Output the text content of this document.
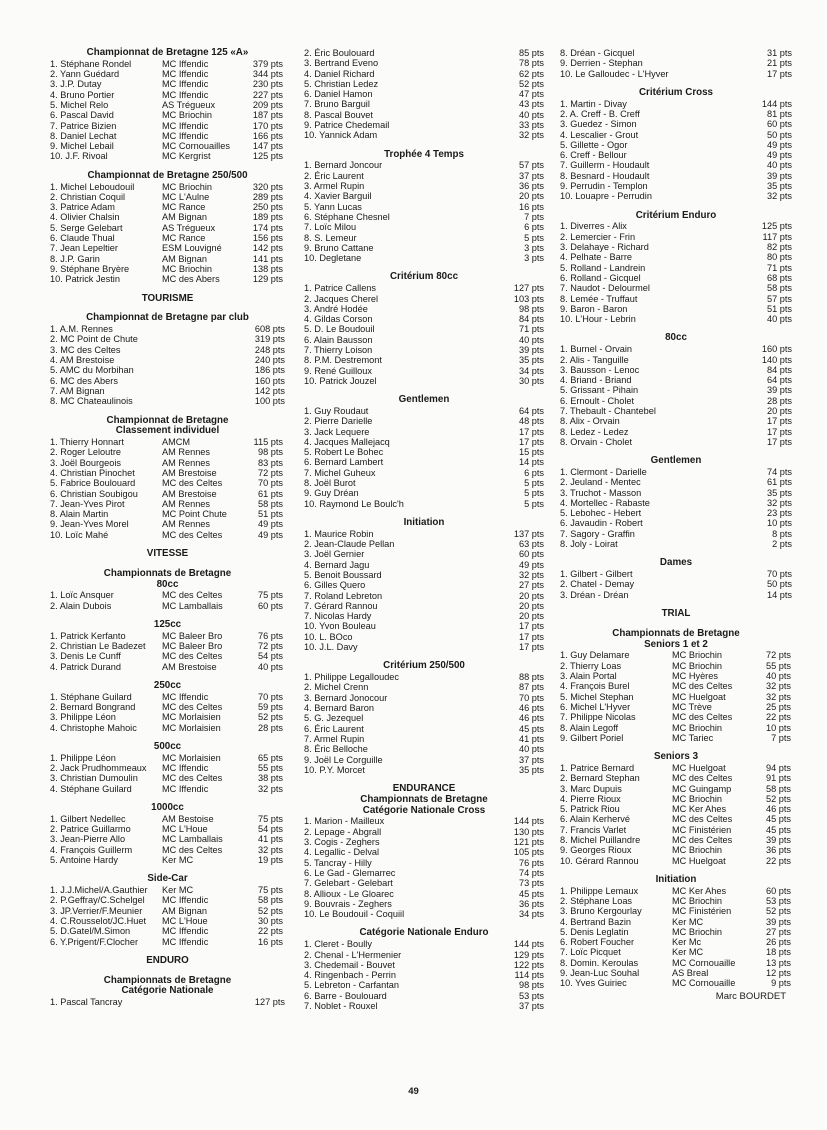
Championnat de Bretagne 125 «A»
1. Stéphane Rondel	MC Iffendic	379 pts
2. Yann Guédard	MC Iffendic	344 pts
3. J.P. Dutay	MC Iffendic	230 pts
4. Bruno Portier	MC Iffendic	227 pts
5. Michel Relo	AS Trégueux	209 pts
6. Pascal David	MC Briochin	187 pts
7. Patrice Bizien	MC Iffendic	170 pts
8. Daniel Lechat	MC Iffendic	166 pts
9. Michel Lebail	MC Cornouailles	147 pts
10. J.F. Rivoal	MC Kergrist	125 pts
Championnat de Bretagne 250/500
1. Michel Leboudouil	MC Briochin	320 pts
2. Christian Coquil	MC L'Aulne	289 pts
3. Patrice Adam	MC Rance	250 pts
4. Olivier Chalsin	AM Bignan	189 pts
5. Serge Gelebart	AS Trégueux	174 pts
6. Claude Thual	MC Rance	156 pts
7. Jean Lepeltier	ESM Louvigné	142 pts
8. J.P. Garin	AM Bignan	141 pts
9. Stéphane Bryère	MC Briochin	138 pts
10. Patrick Jestin	MC des Abers	129 pts
TOURISME
Championnat de Bretagne par club
1. A.M. Rennes	608 pts
2. MC Point de Chute	319 pts
3. MC des Celtes	248 pts
4. AM Brestoise	240 pts
5. AMC du Morbihan	186 pts
6. MC des Abers	160 pts
7. AM Bignan	142 pts
8. MC Chateaulinois	100 pts
Championnat de Bretagne
Classement individuel
1. Thierry Honnart	AMCM	115 pts
2. Roger Leloutre	AM Rennes	98 pts
3. Joël Bourgeois	AM Rennes	83 pts
4. Christian Pinochet	AM Brestoise	72 pts
5. Fabrice Boulouard	MC des Celtes	70 pts
6. Christian Soubigou	AM Brestoise	61 pts
7. Jean-Yves Pirot	AM Rennes	58 pts
8. Alain Martin	MC Point Chute	51 pts
9. Jean-Yves Morel	AM Rennes	49 pts
10. Loïc Mahé	MC des Celtes	49 pts
VITESSE
Championnats de Bretagne
80cc
1. Loïc Ansquer	MC des Celtes	75 pts
2. Alain Dubois	MC Lamballais	60 pts
125cc
1. Patrick Kerfanto	MC Baleer Bro	76 pts
2. Christian Le Badezet	MC Baleer Bro	72 pts
3. Denis Le Cunff	MC des Celtes	54 pts
4. Patrick Durand	AM Brestoise	40 pts
250cc
1. Stéphane Guilard	MC Iffendic	70 pts
2. Bernard Bongrand	MC des Celtes	59 pts
3. Philippe Léon	MC Morlaisien	52 pts
4. Christophe Mahoic	MC Morlaisien	28 pts
500cc
1. Philippe Léon	MC Morlaisien	65 pts
2. Jack Prudhommeaux	MC Iffendic	55 pts
3. Christian Dumoulin	MC des Celtes	38 pts
4. Stéphane Guilard	MC Iffendic	32 pts
1000cc
1. Gilbert Nedellec	AM Bestoise	75 pts
2. Patrice Guillarmo	MC L'Houe	54 pts
3. Jean-Pierre Allo	MC Lamballais	41 pts
4. François Guillerm	MC des Celtes	32 pts
5. Antoine Hardy	Ker MC	19 pts
Side-Car
1. J.J.Michel/A.Gauthier	Ker MC	75 pts
2. P.Geffray/C.Schelgel	MC Iffendic	58 pts
3. JP.Verrier/F.Meunier	AM Bignan	52 pts
4. C.Rousselot/JC.Huet	MC L'Houe	30 pts
5. D.Gatel/M.Simon	MC Iffendic	22 pts
6. Y.Prigent/F.Clocher	MC Iffendic	16 pts
ENDURO
Championnats de Bretagne
Catégorie Nationale
1. Pascal Tancray	127 pts
2. Éric Boulouard	85 pts
3. Bertrand Eveno	78 pts
4. Daniel Richard	62 pts
5. Christian Ledez	52 pts
6. Daniel Hamon	47 pts
7. Bruno Barguil	43 pts
8. Pascal Bouvet	40 pts
9. Patrice Chedemail	33 pts
10. Yannick Adam	32 pts
Trophée 4 Temps
1. Bernard Joncour	57 pts
2. Éric Laurent	37 pts
3. Armel Rupin	36 pts
4. Xavier Barguil	20 pts
5. Yann Lucas	16 pts
6. Stéphane Chesnel	7 pts
7. Loïc Milou	6 pts
8. S. Lemeur	5 pts
9. Bruno Cattane	3 pts
10. Degletane	3 pts
Critérium 80cc
1. Patrice Callens	127 pts
2. Jacques Cherel	103 pts
3. André Hodée	98 pts
4. Gildas Corson	84 pts
5. D. Le Boudouil	71 pts
6. Alain Bausson	40 pts
7. Thierry Loison	39 pts
8. P.M. Destremont	35 pts
9. René Guilloux	34 pts
10. Patrick Jouzel	30 pts
Gentlemen
1. Guy Roudaut	64 pts
2. Pierre Darielle	48 pts
3. Jack Lequere	17 pts
4. Jacques Mallejacq	17 pts
5. Robert Le Bohec	15 pts
6. Bernard Lambert	14 pts
7. Michel Guheux	6 pts
8. Joël Burot	5 pts
9. Guy Dréan	5 pts
10. Raymond Le Boulc'h	5 pts
Initiation
1. Maurice Robin	137 pts
2. Jean-Claude Pellan	63 pts
3. Joël Gernier	60 pts
4. Bernard Jagu	49 pts
5. Benoit Boussard	32 pts
6. Gilles Quero	27 pts
7. Roland Lebreton	20 pts
7. Gérard Rannou	20 pts
7. Nicolas Hardy	20 pts
10. Yvon Bouleau	17 pts
10. L. BOco	17 pts
10. J.L. Davy	17 pts
Critérium 250/500
1. Philippe Legalloudec	88 pts
2. Michel Crenn	87 pts
3. Bernard Jonocour	70 pts
4. Bernard Baron	46 pts
5. G. Jezequel	46 pts
6. Éric Laurent	45 pts
7. Armel Rupin	41 pts
8. Éric Belloche	40 pts
9. Joël Le Corguille	37 pts
10. P.Y. Morcet	35 pts
ENDURANCE
Championnats de Bretagne
Catégorie Nationale Cross
1. Marion - Mailleux	144 pts
2. Lepage - Abgrall	130 pts
3. Cogis - Zeghers	121 pts
4. Legallic - Delval	105 pts
5. Tancray - Hilly	76 pts
6. Le Gad - Glemarrec	74 pts
7. Gelebart - Gelebart	73 pts
8. Allioux - Le Gloarec	45 pts
9. Bouvrais - Zeghers	36 pts
10. Le Boudouil - Coquiil	34 pts
Catégorie Nationale Enduro
1. Cleret - Boully	144 pts
2. Chenal - L'Hermenier	129 pts
3. Chedemail - Bouvet	122 pts
4. Ringenbach - Perrin	114 pts
5. Lebreton - Carfantan	98 pts
6. Barre - Boulouard	53 pts
7. Noblet - Rouxel	37 pts
8. Dréan - Gicquel	31 pts
9. Derrien - Stephan	21 pts
10. Le Galloudec - L'Hyver	17 pts
Critérium Cross
1. Martin - Divay	144 pts
2. A. Creff - B. Creff	81 pts
3. Guedez - Simon	60 pts
4. Lescalier - Grout	50 pts
5. Gillette - Ogor	49 pts
6. Creff - Bellour	49 pts
7. Guillerm - Houdault	40 pts
8. Besnard - Houdault	39 pts
9. Perrudin - Templon	35 pts
10. Louapre - Perrudin	32 pts
Critérium Enduro
1. Diverres - Alix	125 pts
2. Lemercier - Frin	117 pts
3. Delahaye - Richard	82 pts
4. Pelhate - Barre	80 pts
5. Rolland - Landrein	71 pts
6. Rolland - Gicquel	68 pts
7. Naudot - Delourmel	58 pts
8. Lemée - Truffaut	57 pts
9. Baron - Baron	51 pts
10. L'Hour - Lebrin	40 pts
80cc
1. Burnel - Orvain	160 pts
2. Alis - Tanguille	140 pts
3. Bausson - Lenoc	84 pts
4. Briand - Briand	64 pts
5. Grissant - Pihain	39 pts
6. Ernoult - Cholet	28 pts
7. Thebault - Chantebel	20 pts
8. Alix - Orvain	17 pts
8. Ledez - Ledez	17 pts
8. Orvain - Cholet	17 pts
Gentlemen
1. Clermont - Darielle	74 pts
2. Jeuland - Mentec	61 pts
3. Truchot - Masson	35 pts
4. Mortellec - Rabaste	32 pts
5. Lebohec - Hebert	23 pts
6. Javaudin - Robert	10 pts
7. Sagory - Graffin	8 pts
8. Joly - Loirat	2 pts
Dames
1. Gilbert - Gilbert	70 pts
2. Chatel - Demay	50 pts
3. Dréan - Dréan	14 pts
TRIAL
Championnats de Bretagne
Seniors 1 et 2
1. Guy Delamare	MC Briochin	72 pts
2. Thierry Loas	MC Briochin	55 pts
3. Alain Portal	MC Hyères	40 pts
4. François Burel	MC des Celtes	32 pts
5. Michel Stephan	MC Huelgoat	32 pts
6. Michel L'Hyver	MC Trève	25 pts
7. Philippe Nicolas	MC des Celtes	22 pts
8. Alain Legoff	MC Briochin	10 pts
9. Gilbert Poriel	MC Tariec	7 pts
Seniors 3
1. Patrice Bernard	MC Huelgoat	94 pts
2. Bernard Stephan	MC des Celtes	91 pts
3. Marc Dupuis	MC Guingamp	58 pts
4. Pierre Rioux	MC Briochin	52 pts
5. Patrick Riou	MC Ker Ahes	46 pts
6. Alain Kerhervé	MC des Celtes	45 pts
7. Francis Varlet	MC Finistérien	45 pts
8. Michel Puillandre	MC des Celtes	39 pts
9. Georges Rioux	MC Briochin	36 pts
10. Gérard Rannou	MC Huelgoat	22 pts
Initiation
1. Philippe Lemaux	MC Ker Ahes	60 pts
2. Stéphane Loas	MC Briochin	53 pts
3. Bruno Kergourlay	MC Finistérien	52 pts
4. Bertrand Bazin	Ker MC	39 pts
5. Denis Leglatin	MC Briochin	27 pts
6. Robert Foucher	Ker Mc	26 pts
7. Loïc Picquet	Ker MC	18 pts
8. Domin. Keroulas	MC Cornouaille	13 pts
9. Jean-Luc Souhal	AS Breal	12 pts
10. Yves Guiriec	MC Cornouaille	9 pts
Marc BOURDET
49
